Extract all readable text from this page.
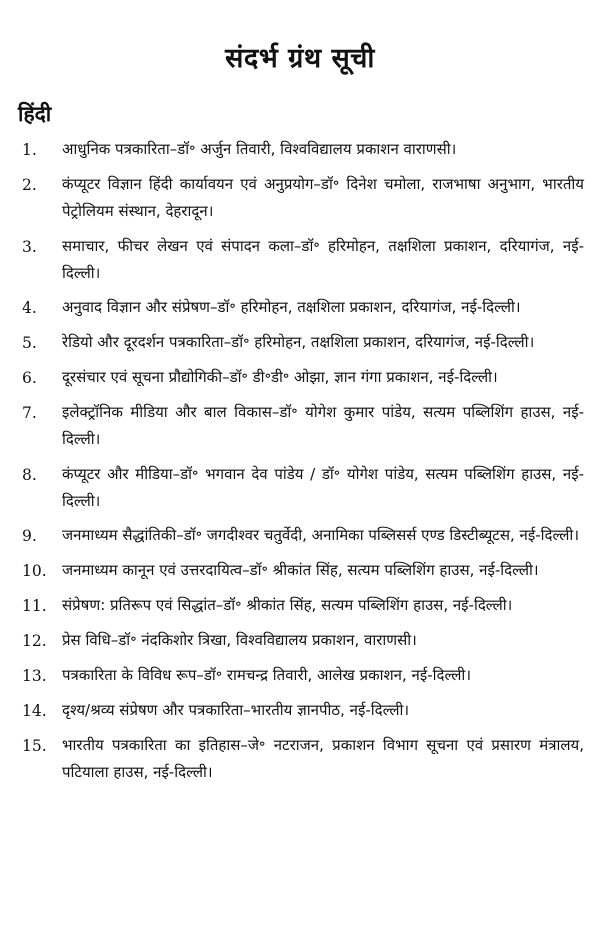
संदर्भ ग्रंथ सूची
हिंदी
1.	आधुनिक पत्रकारिता–डॉ॰ अर्जुन तिवारी, विश्वविद्यालय प्रकाशन वाराणसी।
2.	कंप्यूटर विज्ञान हिंदी कार्यावयन एवं अनुप्रयोग–डॉ॰ दिनेश चमोला, राजभाषा अनुभाग, भारतीय पेट्रोलियम संस्थान, देहरादून।
3.	समाचार, फीचर लेखन एवं संपादन कला–डॉ॰ हरिमोहन, तक्षशिला प्रकाशन, दरियागंज, नई-दिल्ली।
4.	अनुवाद विज्ञान और संप्रेषण–डॉ॰ हरिमोहन, तक्षशिला प्रकाशन, दरियागंज, नई-दिल्ली।
5.	रेडियो और दूरदर्शन पत्रकारिता–डॉ॰ हरिमोहन, तक्षशिला प्रकाशन, दरियागंज, नई-दिल्ली।
6.	दूरसंचार एवं सूचना प्रौद्योगिकी–डॉ॰ डी॰डी॰ ओझा, ज्ञान गंगा प्रकाशन, नई-दिल्ली।
7.	इलेक्ट्रॉनिक मीडिया और बाल विकास–डॉ॰ योगेश कुमार पांडेय, सत्यम पब्लिशिंग हाउस, नई-दिल्ली।
8.	कंप्यूटर और मीडिया–डॉ॰ भगवान देव पांडेय / डॉ॰ योगेश पांडेय, सत्यम पब्लिशिंग हाउस, नई-दिल्ली।
9.	जनमाध्यम सैद्धांतिकी–डॉ॰ जगदीश्वर चतुर्वेदी, अनामिका पब्लिसर्स एण्ड डिस्टीब्यूटस, नई-दिल्ली।
10.	जनमाध्यम कानून एवं उत्तरदायित्व–डॉ॰ श्रीकांत सिंह, सत्यम पब्लिशिंग हाउस, नई-दिल्ली।
11.	संप्रेषण: प्रतिरूप एवं सिद्धांत–डॉ॰ श्रीकांत सिंह, सत्यम पब्लिशिंग हाउस, नई-दिल्ली।
12.	प्रेस विधि–डॉ॰ नंदकिशोर त्रिखा, विश्वविद्यालय प्रकाशन, वाराणसी।
13.	पत्रकारिता के विविध रूप–डॉ॰ रामचन्द्र तिवारी, आलेख प्रकाशन, नई-दिल्ली।
14.	दृश्य/श्रव्य संप्रेषण और पत्रकारिता–भारतीय ज्ञानपीठ, नई-दिल्ली।
15.	भारतीय पत्रकारिता का इतिहास–जे॰ नटराजन, प्रकाशन विभाग सूचना एवं प्रसारण मंत्रालय, पटियाला हाउस, नई-दिल्ली।
